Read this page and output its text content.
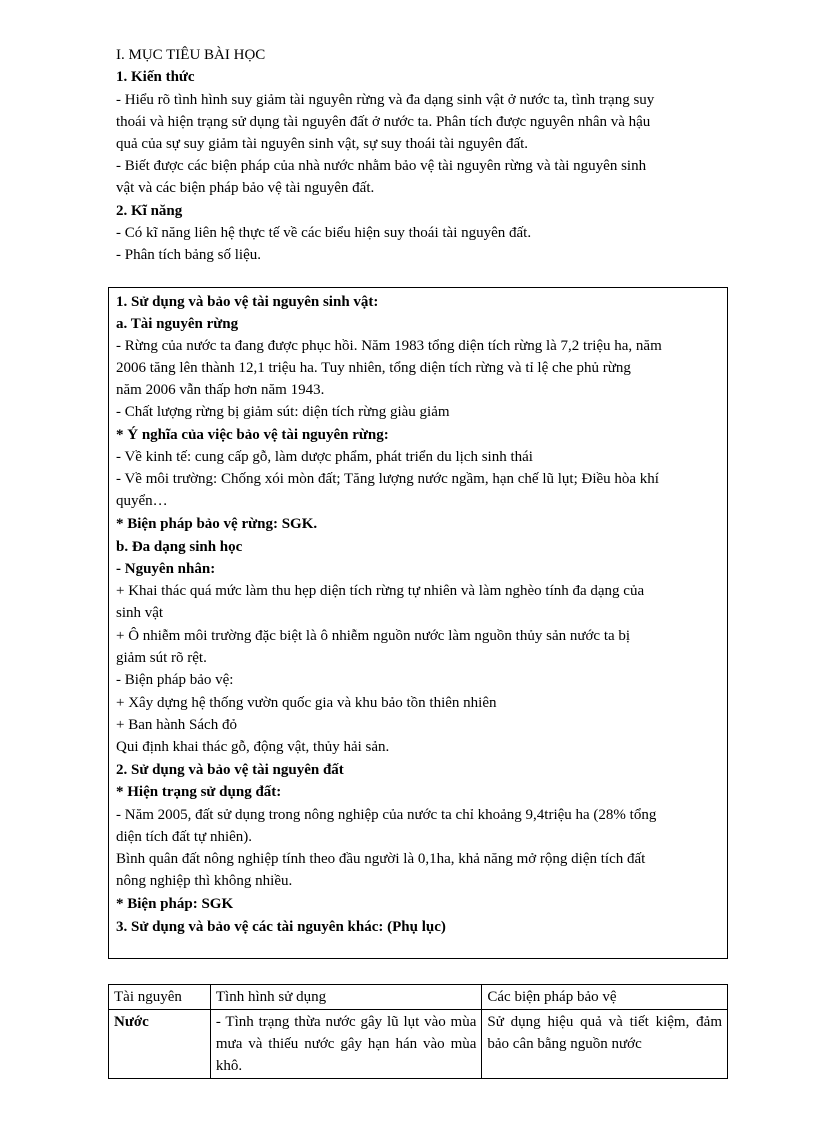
I. MỤC TIÊU BÀI HỌC
1. Kiến thức
- Hiểu rõ tình hình suy giảm tài nguyên rừng và đa dạng sinh vật ở nước ta, tình trạng suy
thoái và hiện trạng sử dụng tài nguyên đất ở nước ta. Phân tích được nguyên nhân và hậu
quả của sự suy giảm tài nguyên sinh vật, sự suy thoái tài nguyên đất.
- Biết được các biện pháp của nhà nước nhằm bảo vệ tài nguyên rừng và tài nguyên sinh
vật và các biện pháp bảo vệ tài nguyên đất.
2. Kĩ năng
- Có kĩ năng liên hệ thực tế về các biểu hiện suy thoái tài nguyên đất.
- Phân tích bảng số liệu.
1. Sử dụng và bảo vệ tài nguyên sinh vật:
a. Tài nguyên rừng
- Rừng của nước ta đang được phục hồi. Năm 1983 tổng diện tích rừng là 7,2 triệu ha, năm
2006 tăng lên thành 12,1 triệu ha. Tuy nhiên, tổng diện tích rừng và tỉ lệ che phủ rừng
năm 2006 vẫn thấp hơn năm 1943.
- Chất lượng rừng bị giảm sút: diện tích rừng giàu giảm
* Ý nghĩa của việc bảo vệ tài nguyên rừng:
- Về kinh tế: cung cấp gỗ, làm dược phẩm, phát triển du lịch sinh thái
- Về môi trường: Chống xói mòn đất; Tăng lượng nước ngầm, hạn chế lũ lụt; Điều hòa khí
quyển…
* Biện pháp bảo vệ rừng: SGK.
b. Đa dạng sinh học
- Nguyên nhân:
+ Khai thác quá mức làm thu hẹp diện tích rừng tự nhiên và làm nghèo tính đa dạng của
sinh vật
+ Ô nhiễm môi trường đặc biệt là ô nhiễm nguồn nước làm nguồn thủy sản nước ta bị
giảm sút rõ rệt.
- Biện pháp bảo vệ:
+ Xây dựng hệ thống vườn quốc gia và khu bảo tồn thiên nhiên
+ Ban hành Sách đỏ
Qui định khai thác gỗ, động vật, thủy hải sản.
2. Sử dụng và bảo vệ tài nguyên đất
* Hiện trạng sử dụng đất:
- Năm 2005, đất sử dụng trong nông nghiệp của nước ta chỉ khoảng 9,4triệu ha (28% tổng
diện tích đất tự nhiên).
Bình quân đất nông nghiệp tính theo đầu người là 0,1ha, khả năng mở rộng diện tích đất
nông nghiệp thì không nhiều.
* Biện pháp: SGK
3. Sử dụng và bảo vệ các tài nguyên khác: (Phụ lục)
Tài nguyên	Tình hình sử dụng	Các biện pháp bảo vệ
Nước	- Tình trạng thừa nước gây lũ lụt vào mùa mưa và thiếu nước gây hạn hán vào mùa khô.	Sử dụng hiệu quả và tiết kiệm, đảm bảo cân bằng nguồn nước
